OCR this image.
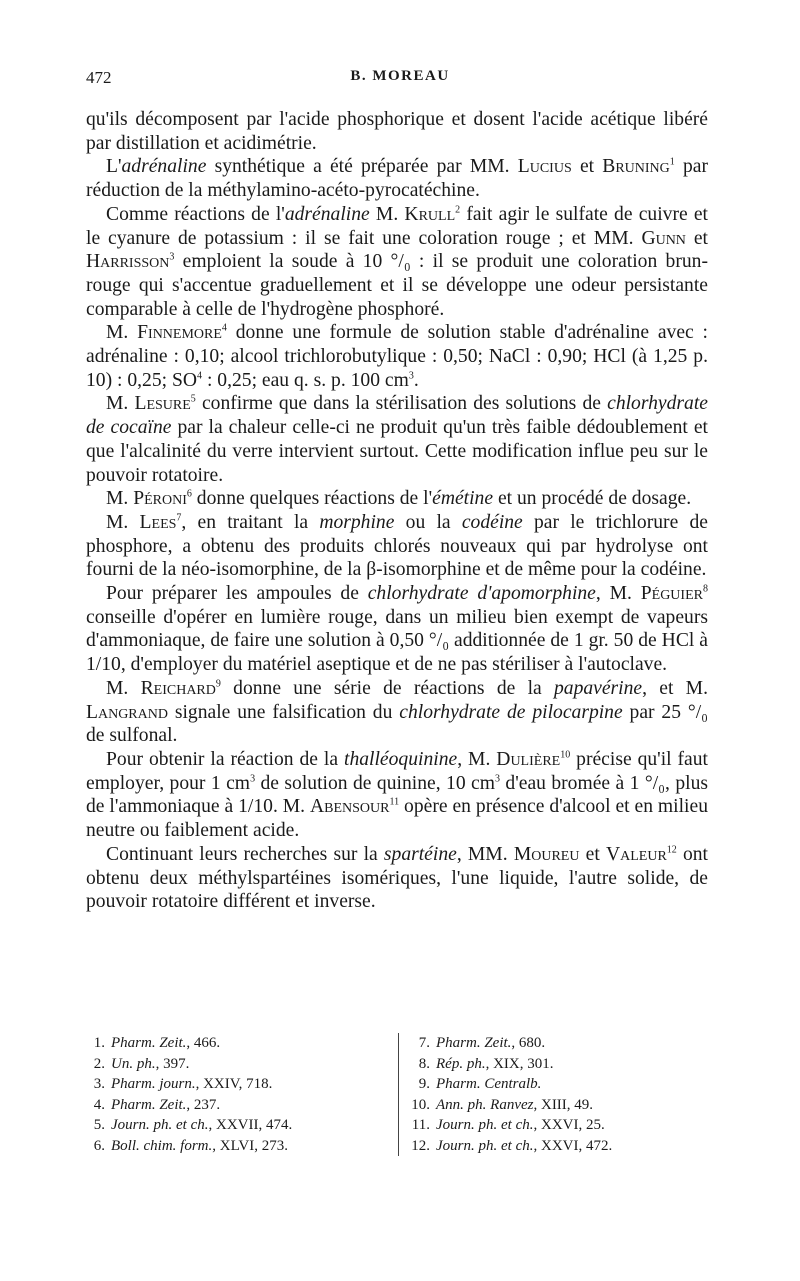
472	B. MOREAU

qu'ils décomposent par l'acide phosphorique et dosent l'acide acétique libéré par distillation et acidimétrie.

L'adrénaline synthétique a été préparée par MM. Lucius et Bruning$^1$ par réduction de la méthylamino-acéto-pyrocatéchine.

Comme réactions de l'adrénaline M. Krull$^2$ fait agir le sulfate de cuivre et le cyanure de potassium : il se fait une coloration rouge ; et MM. Gunn et Harrisson$^3$ emploient la soude à 10 °/₀ : il se produit une coloration brun-rouge qui s'accentue graduellement et il se développe une odeur persistante comparable à celle de l'hydrogène phosphoré.

M. Finnemore$^4$ donne une formule de solution stable d'adrénaline avec : adrénaline : 0,10; alcool trichlorobutylique : 0,50; NaCl : 0,90; HCl (à 1,25 p. 10) : 0,25; $SO^4$ : 0,25; eau q. s. p. 100 $cm^3$.

M. Lesure$^5$ confirme que dans la stérilisation des solutions de chlorhydrate de cocaïne par la chaleur celle-ci ne produit qu'un très faible dédoublement et que l'alcalinité du verre intervient surtout. Cette modification influe peu sur le pouvoir rotatoire.

M. Péroni$^6$ donne quelques réactions de l'émétine et un procédé de dosage.

M. Lees$^7$, en traitant la morphine ou la codéine par le trichlorure de phosphore, a obtenu des produits chlorés nouveaux qui par hydrolyse ont fourni de la néo-isomorphine, de la β-isomorphine et de même pour la codéine.

Pour préparer les ampoules de chlorhydrate d'apomorphine, M. Péguier$^8$ conseille d'opérer en lumière rouge, dans un milieu bien exempt de vapeurs d'ammoniaque, de faire une solution à 0,50 °/₀ additionnée de 1 gr. 50 de HCl à 1/10, d'employer du matériel aseptique et de ne pas stériliser à l'autoclave.

M. Reichard$^9$ donne une série de réactions de la papavérine, et M. Langrand signale une falsification du chlorhydrate de pilocarpine par 25 °/₀ de sulfonal.

Pour obtenir la réaction de la thalléoquinine, M. Dulière$^{10}$ précise qu'il faut employer, pour 1 $cm^3$ de solution de quinine, 10 $cm^3$ d'eau bromée à 1 °/₀, plus de l'ammoniaque à 1/10. M. Abensour$^{11}$ opère en présence d'alcool et en milieu neutre ou faiblement acide.

Continuant leurs recherches sur la spartéine, MM. Moureu et Valeur$^{12}$ ont obtenu deux méthylspartéines isomériques, l'une liquide, l'autre solide, de pouvoir rotatoire différent et inverse.

1. Pharm. Zeit., 466.
2. Un. ph., 397.
3. Pharm. journ., XXIV, 718.
4. Pharm. Zeit., 237.
5. Journ. ph. et ch., XXVII, 474.
6. Boll. chim. form., XLVI, 273.
7. Pharm. Zeit., 680.
8. Rép. ph., XIX, 301.
9. Pharm. Centralb.
10. Ann. ph. Ranvez, XIII, 49.
11. Journ. ph. et ch., XXVI, 25.
12. Journ. ph. et ch., XXVI, 472.
